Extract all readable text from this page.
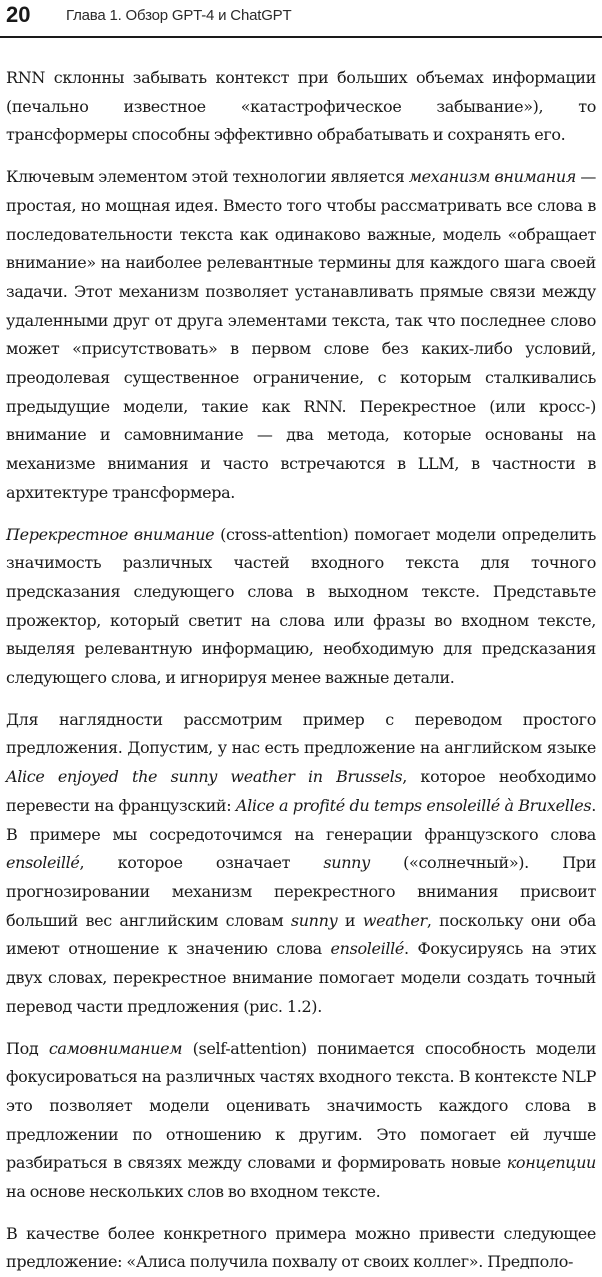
20 Глава 1. Обзор GPT-4 и ChatGPT

RNN склонны забывать контекст при больших объемах информации (печально известное «катастрофическое забывание»), то трансформеры способны эффективно обрабатывать и сохранять его.

Ключевым элементом этой технологии является механизм внимания — простая, но мощная идея. Вместо того чтобы рассматривать все слова в последовательности текста как одинаково важные, модель «обращает внимание» на наиболее релевантные термины для каждого шага своей задачи. Этот механизм позволяет устанавливать прямые связи между удаленными друг от друга элементами текста, так что последнее слово может «присутствовать» в первом слове без каких-либо условий, преодолевая существенное ограничение, с которым сталкивались предыдущие модели, такие как RNN. Перекрестное (или кросс-) внимание и самовнимание — два метода, которые основаны на механизме внимания и часто встречаются в LLM, в частности в архитектуре трансформера.

Перекрестное внимание (cross-attention) помогает модели определить значимость различных частей входного текста для точного предсказания следующего слова в выходном тексте. Представьте прожектор, который светит на слова или фразы во входном тексте, выделяя релевантную информацию, необходимую для предсказания следующего слова, и игнорируя менее важные детали.

Для наглядности рассмотрим пример с переводом простого предложения. Допустим, у нас есть предложение на английском языке Alice enjoyed the sunny weather in Brussels, которое необходимо перевести на французский: Alice a profité du temps ensoleillé à Bruxelles. В примере мы сосредоточимся на генерации французского слова ensoleillé, которое означает sunny («солнечный»). При прогнозировании механизм перекрестного внимания присвоит больший вес английским словам sunny и weather, поскольку они оба имеют отношение к значению слова ensoleillé. Фокусируясь на этих двух словах, перекрестное внимание помогает модели создать точный перевод части предложения (рис. 1.2).

Под самовниманием (self-attention) понимается способность модели фокусироваться на различных частях входного текста. В контексте NLP это позволяет модели оценивать значимость каждого слова в предложении по отношению к другим. Это помогает ей лучше разбираться в связях между словами и формировать новые концепции на основе нескольких слов во входном тексте.

В качестве более конкретного примера можно привести следующее предложение: «Алиса получила похвалу от своих коллег». Предполо-
